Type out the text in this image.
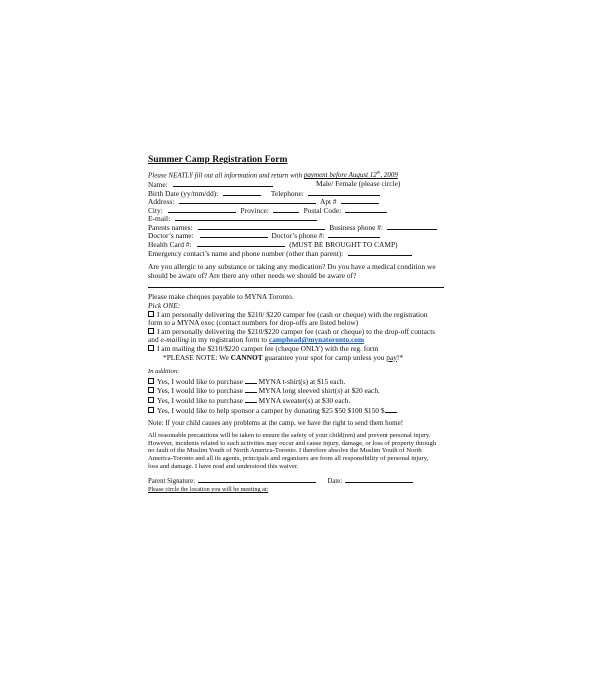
Summer Camp Registration Form
Please NEATLY fill out all information and return with payment before August 12th, 2009
Name:	Male/ Female (please circle)
Birth Date (yy/mm/dd):	Telephone:
Address:	Apt #
City:	Province:	Postal Code:
E-mail:
Parents names:	Business phone #:
Doctor’s name:	Doctor’s phone #:
Health Card #:	(MUST BE BROUGHT TO CAMP)
Emergency contact’s name and phone number (other than parent):
Are you allergic to any substance or taking any medication? Do you have a medical condition we should be aware of? Are there any other needs we should be aware of?
Please make cheques payable to MYNA Toronto.
Pick ONE:
I am personally delivering the $210/ $220 camper fee (cash or cheque) with the registration form to a MYNA exec (contact numbers for drop-offs are listed below)
I am personally delivering the $210/$220 camper fee (cash or cheque) to the drop-off contacts and e-mailing in my registration form to camphead@mynatoronto.com
I am mailing the $210/$220 camper fee (cheque ONLY) with the reg. form
*PLEASE NOTE: We CANNOT guarantee your spot for camp unless you pay!*
In addition:
Yes, I would like to purchase  MYNA t-shirt(s) at $15 each.
Yes, I would like to purchase  MYNA long sleeved shirt(s) at $20 each.
Yes, I would like to purchase  MYNA sweater(s) at $30 each.
Yes, I would like to help sponsor a camper by donating $25 $50 $100 $150 $
Note: If your child causes any problems at the camp, we have the right to send them home!
All reasonable precautions will be taken to ensure the safety of your child(ren) and prevent personal injury. However, incidents related to such activities may occur and cause injury, damage, or loss of property through no fault of the Muslim Youth of North America-Toronto. I therefore absolve the Muslim Youth of North America-Toronto and all its agents, principals and organisers are from all responsibility of personal injury, loss and damage. I have read and understood this waiver.
Parent Signature:	Date:
Please circle the location you will be meeting at:
